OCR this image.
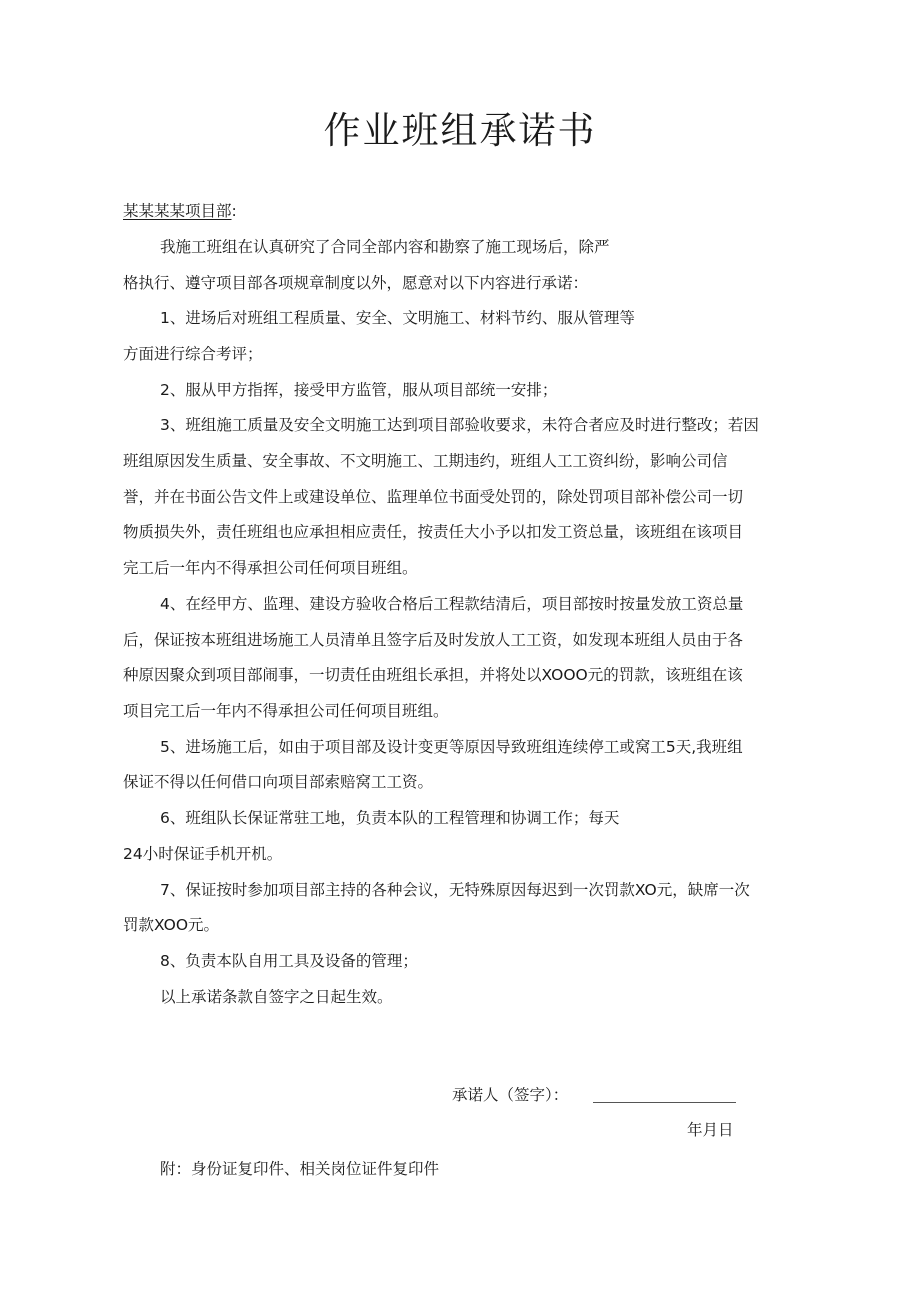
作业班组承诺书
某某某某项目部:
我施工班组在认真研究了合同全部内容和勘察了施工现场后，除严
格执行、遵守项目部各项规章制度以外，愿意对以下内容进行承诺：
1、进场后对班组工程质量、安全、文明施工、材料节约、服从管理等
方面进行综合考评；
2、服从甲方指挥，接受甲方监管，服从项目部统一安排；
3、班组施工质量及安全文明施工达到项目部验收要求，未符合者应及时进行整改；若因
班组原因发生质量、安全事故、不文明施工、工期违约，班组人工工资纠纷，影响公司信
誉，并在书面公告文件上或建设单位、监理单位书面受处罚的，除处罚项目部补偿公司一切
物质损失外，责任班组也应承担相应责任，按责任大小予以扣发工资总量，该班组在该项目
完工后一年内不得承担公司任何项目班组。
4、在经甲方、监理、建设方验收合格后工程款结清后，项目部按时按量发放工资总量
后，保证按本班组进场施工人员清单且签字后及时发放人工工资，如发现本班组人员由于各
种原因聚众到项目部闹事，一切责任由班组长承担，并将处以XOOO元的罚款，该班组在该
项目完工后一年内不得承担公司任何项目班组。
5、进场施工后，如由于项目部及设计变更等原因导致班组连续停工或窝工5天,我班组
保证不得以任何借口向项目部索赔窝工工资。
6、班组队长保证常驻工地，负责本队的工程管理和协调工作；每天
24小时保证手机开机。
7、保证按时参加项目部主持的各种会议，无特殊原因每迟到一次罚款XO元，缺席一次
罚款XOO元。
8、负责本队自用工具及设备的管理；
以上承诺条款自签字之日起生效。
承诺人（签字）：
年月日
附：身份证复印件、相关岗位证件复印件
